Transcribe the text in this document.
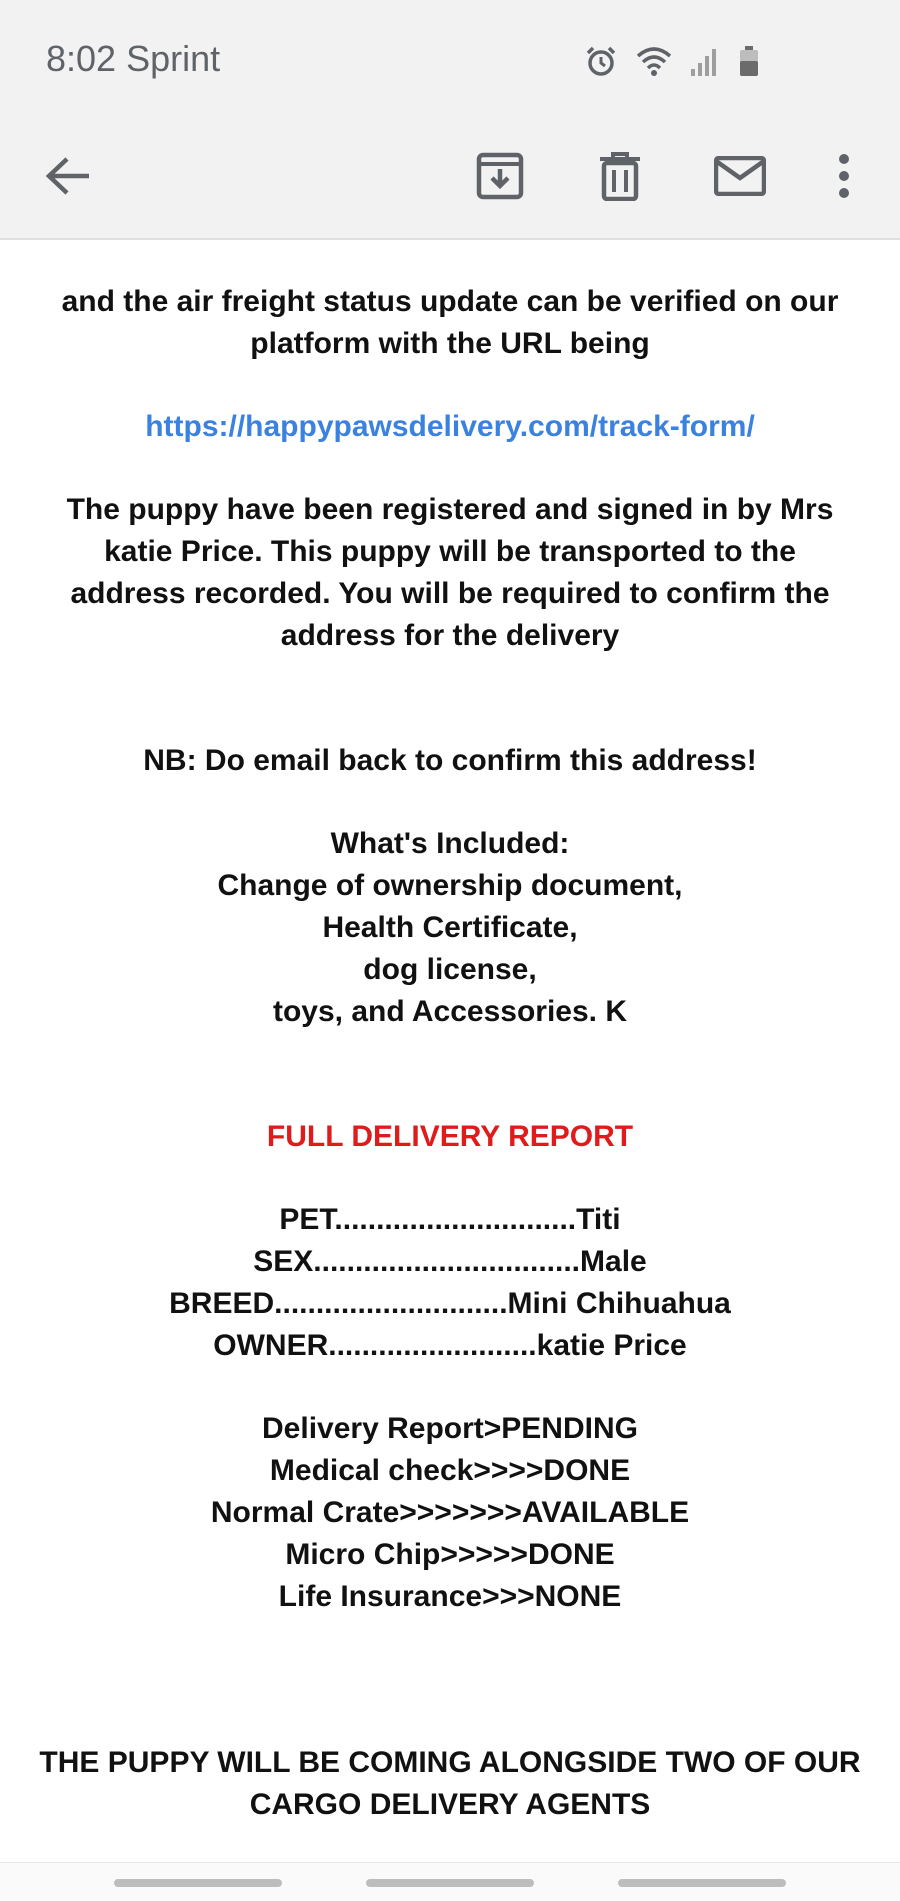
8:02 Sprint
and the air freight status update can be verified on our
platform with the URL being
https://happypawsdelivery.com/track-form/
The puppy have been registered and signed in by Mrs
katie Price. This puppy will be transported to the
address recorded. You will be required to confirm the
address for the delivery
NB: Do email back to confirm this address!
What's Included:
Change of ownership document,
Health Certificate,
dog license,
toys, and Accessories. K
FULL DELIVERY REPORT
PET.............................Titi
SEX................................Male
BREED............................Mini Chihuahua
OWNER.........................katie Price
Delivery Report>PENDING
Medical check>>>>DONE
Normal Crate>>>>>>>AVAILABLE
Micro Chip>>>>>DONE
Life Insurance>>>NONE
THE PUPPY WILL BE COMING ALONGSIDE TWO OF OUR
CARGO DELIVERY AGENTS
